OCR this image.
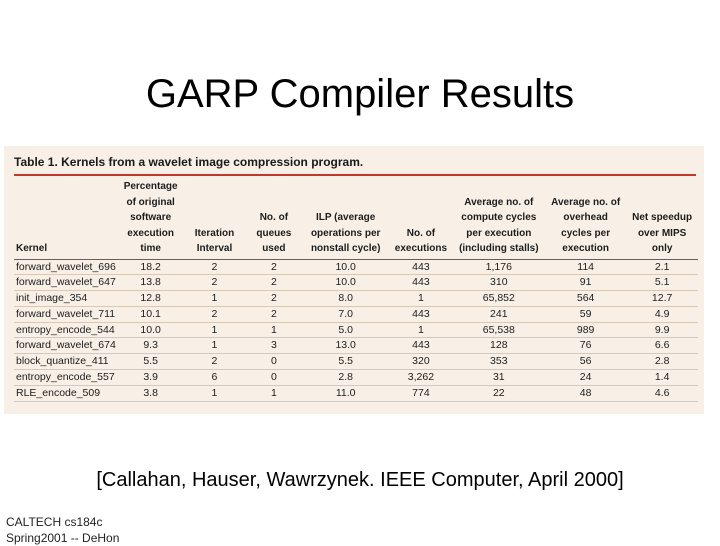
GARP Compiler Results
Table 1. Kernels from a wavelet image compression program.
Kernel	Percentage of original software execution time	Iteration Interval	No. of queues used	ILP (average operations per nonstall cycle)	No. of executions	Average no. of compute cycles per execution (including stalls)	Average no. of overhead cycles per execution	Net speedup over MIPS only
forward_wavelet_696	18.2	2	2	10.0	443	1,176	114	2.1
forward_wavelet_647	13.8	2	2	10.0	443	310	91	5.1
init_image_354	12.8	1	2	8.0	1	65,852	564	12.7
forward_wavelet_711	10.1	2	2	7.0	443	241	59	4.9
entropy_encode_544	10.0	1	1	5.0	1	65,538	989	9.9
forward_wavelet_674	9.3	1	3	13.0	443	128	76	6.6
block_quantize_411	5.5	2	0	5.5	320	353	56	2.8
entropy_encode_557	3.9	6	0	2.8	3,262	31	24	1.4
RLE_encode_509	3.8	1	1	11.0	774	22	48	4.6
[Callahan, Hauser, Wawrzynek. IEEE Computer, April 2000]
CALTECH cs184c
Spring2001 -- DeHon
